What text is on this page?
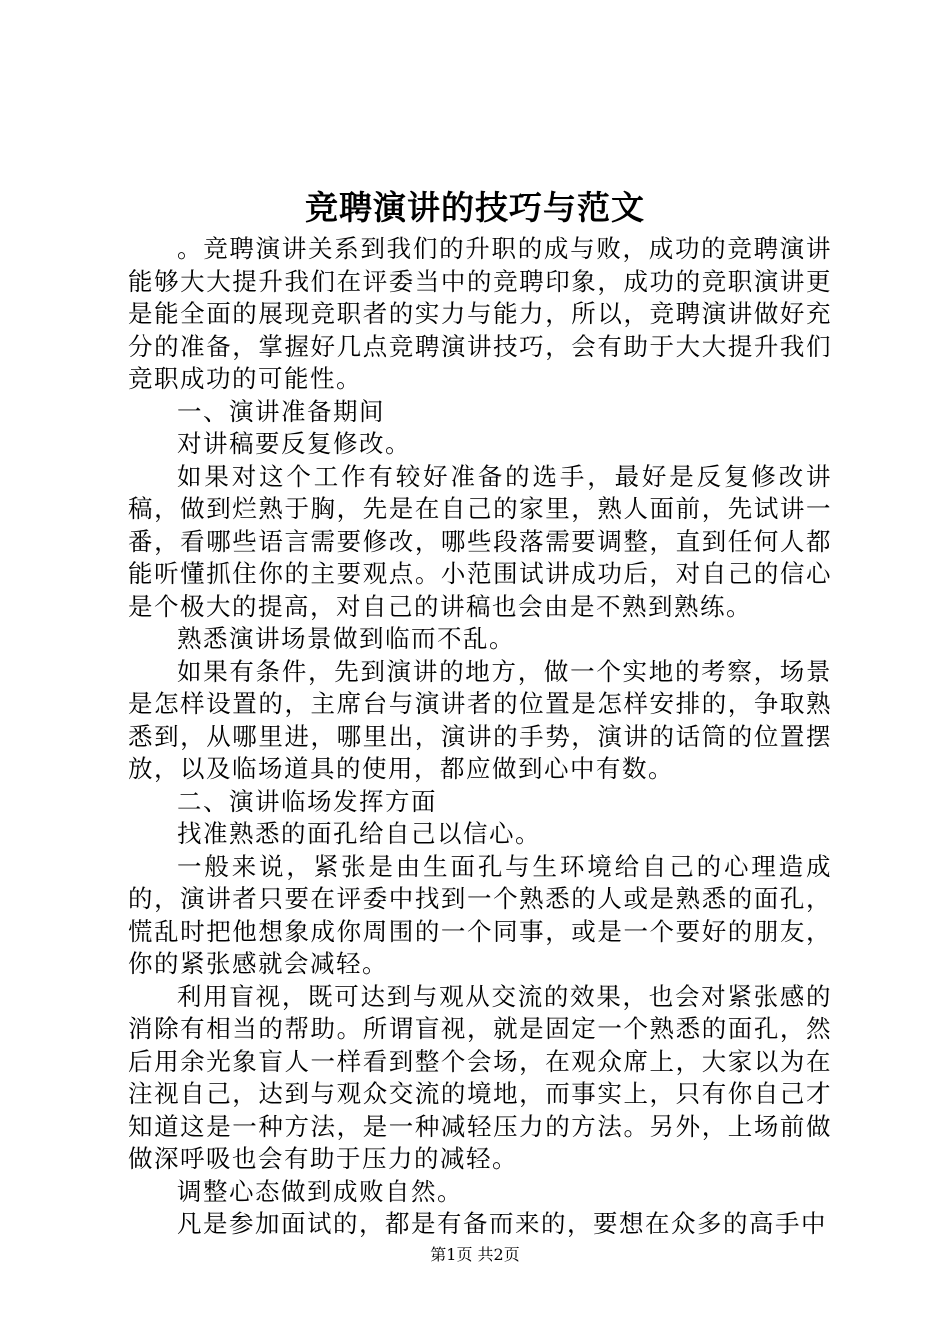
竞聘演讲的技巧与范文

。竞聘演讲关系到我们的升职的成与败，成功的竞聘演讲能够大大提升我们在评委当中的竞聘印象，成功的竞职演讲更是能全面的展现竞职者的实力与能力，所以，竞聘演讲做好充分的准备，掌握好几点竞聘演讲技巧，会有助于大大提升我们竞职成功的可能性。

一、演讲准备期间

对讲稿要反复修改。

如果对这个工作有较好准备的选手，最好是反复修改讲稿，做到烂熟于胸，先是在自己的家里，熟人面前，先试讲一番，看哪些语言需要修改，哪些段落需要调整，直到任何人都能听懂抓住你的主要观点。小范围试讲成功后，对自己的信心是个极大的提高，对自己的讲稿也会由是不熟到熟练。

熟悉演讲场景做到临而不乱。

如果有条件，先到演讲的地方，做一个实地的考察，场景是怎样设置的，主席台与演讲者的位置是怎样安排的，争取熟悉到，从哪里进，哪里出，演讲的手势，演讲的话筒的位置摆放，以及临场道具的使用，都应做到心中有数。

二、演讲临场发挥方面

找准熟悉的面孔给自己以信心。

一般来说，紧张是由生面孔与生环境给自己的心理造成的，演讲者只要在评委中找到一个熟悉的人或是熟悉的面孔，慌乱时把他想象成你周围的一个同事，或是一个要好的朋友，你的紧张感就会减轻。

利用盲视，既可达到与观从交流的效果，也会对紧张感的消除有相当的帮助。所谓盲视，就是固定一个熟悉的面孔，然后用余光象盲人一样看到整个会场，在观众席上，大家以为在注视自己，达到与观众交流的境地，而事实上，只有你自己才知道这是一种方法，是一种减轻压力的方法。另外，上场前做做深呼吸也会有助于压力的减轻。

调整心态做到成败自然。

凡是参加面试的，都是有备而来的，要想在众多的高手中

第1页 共2页
